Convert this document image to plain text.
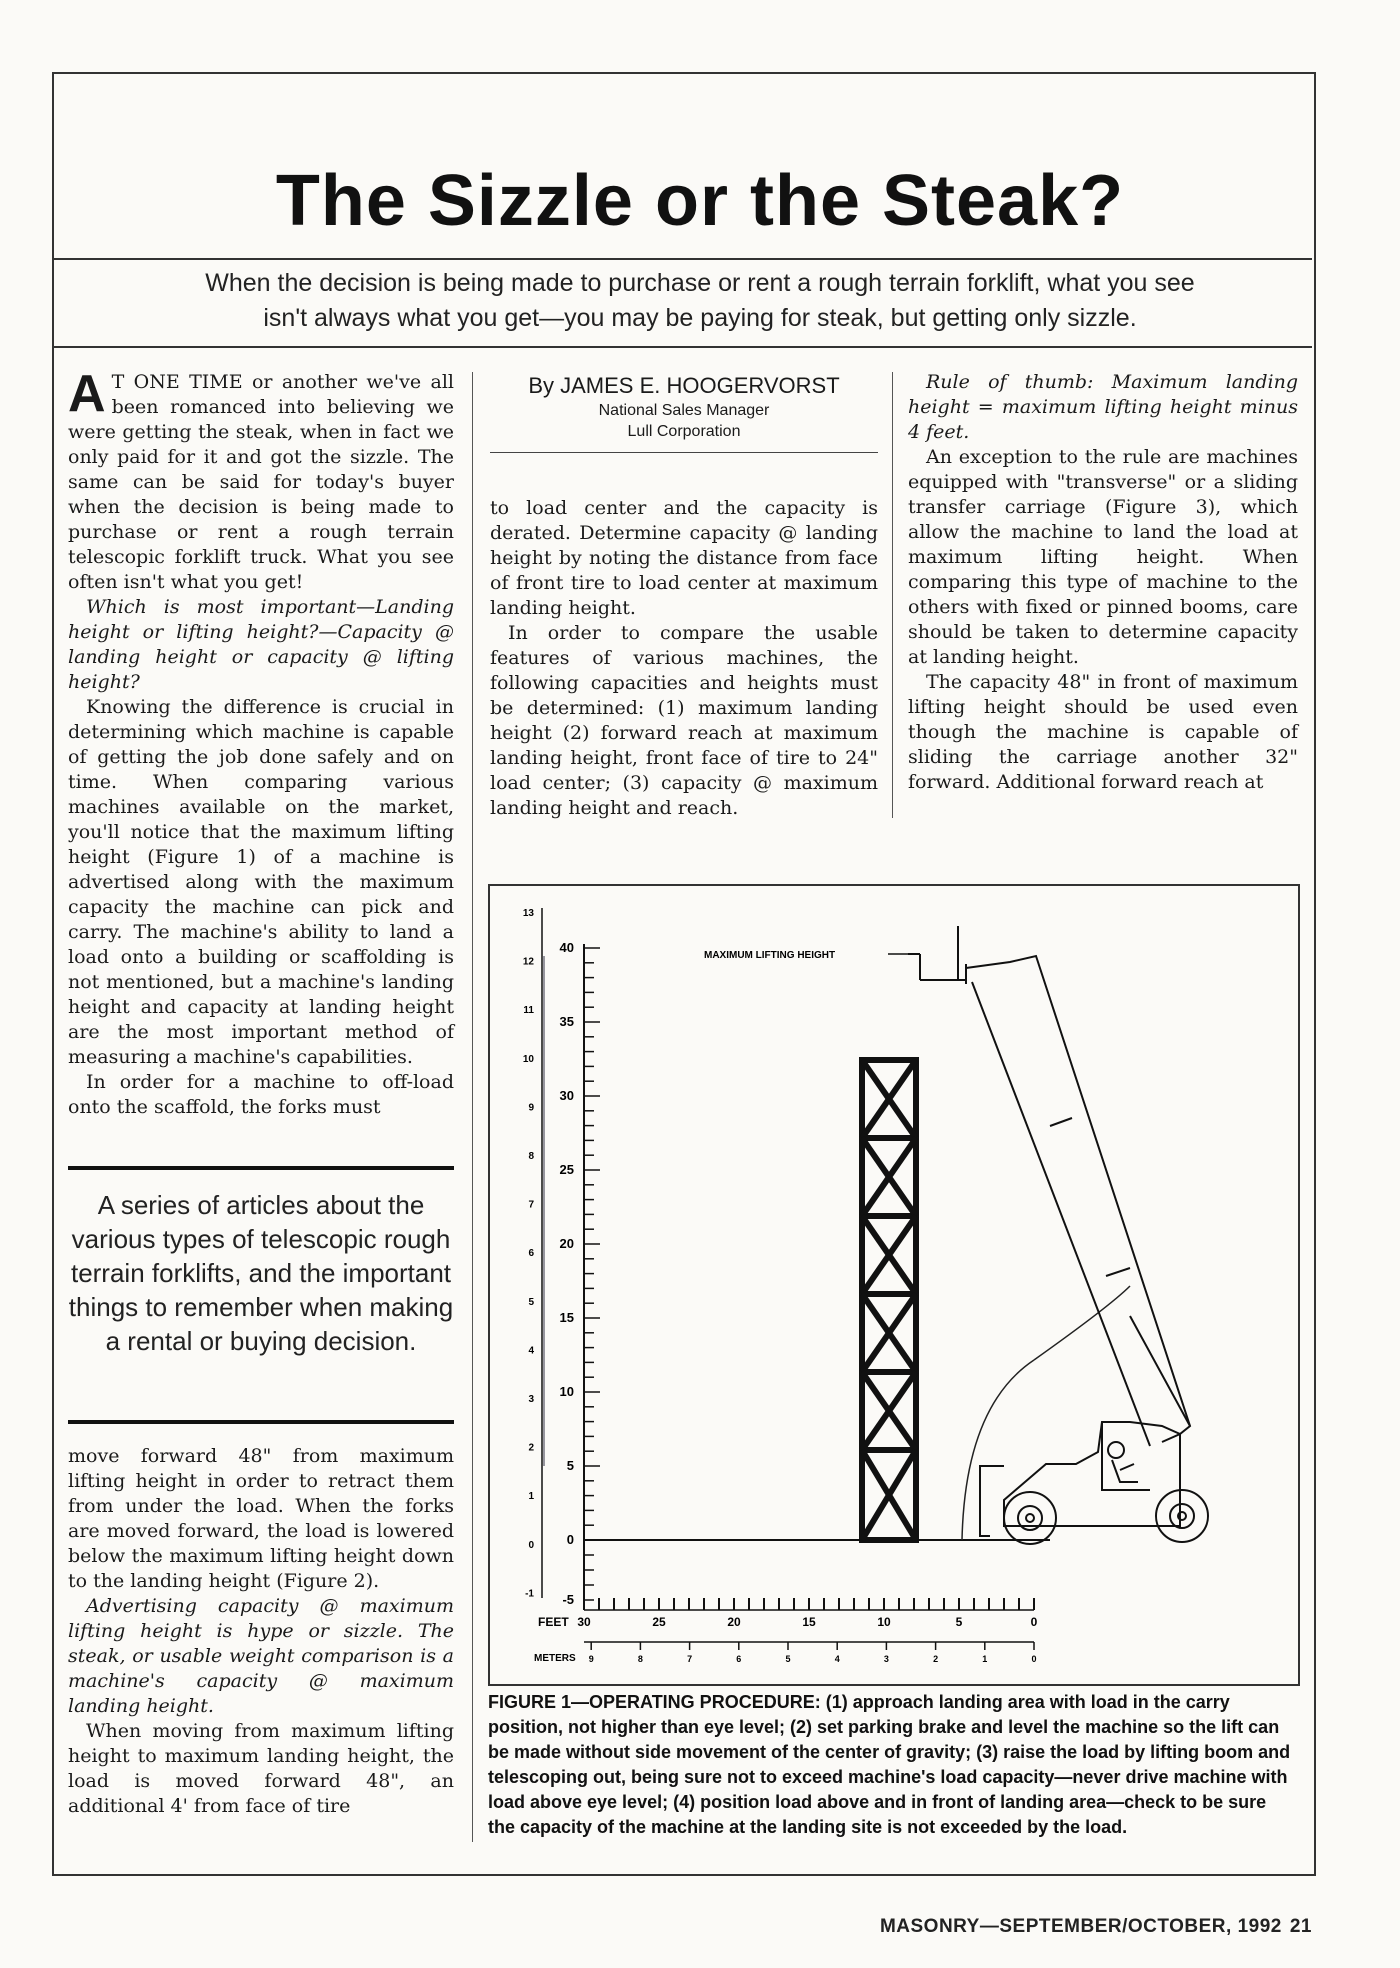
The Sizzle or the Steak?
When the decision is being made to purchase or rent a rough terrain forklift, what you see
isn't always what you get—you may be paying for steak, but getting only sizzle.

A T ONE TIME or another we've all been romanced into believing we were getting the steak, when in fact we only paid for it and got the sizzle. The same can be said for today's buyer when the decision is being made to purchase or rent a rough terrain telescopic forklift truck. What you see often isn't what you get!

Which is most important—Landing height or lifting height?—Capacity @ landing height or capacity @ lifting height?

Knowing the difference is crucial in determining which machine is capable of getting the job done safely and on time. When comparing various machines available on the market, you'll notice that the maximum lifting height (Figure 1) of a machine is advertised along with the maximum capacity the machine can pick and carry. The machine's ability to land a load onto a building or scaffolding is not mentioned, but a machine's landing height and capacity at landing height are the most important method of measuring a machine's capabilities.

In order for a machine to off-load onto the scaffold, the forks must

A series of articles about the various types of telescopic rough terrain forklifts, and the important things to remember when making a rental or buying decision.

move forward 48" from maximum lifting height in order to retract them from under the load. When the forks are moved forward, the load is lowered below the maximum lifting height down to the landing height (Figure 2).

Advertising capacity @ maximum lifting height is hype or sizzle. The steak, or usable weight comparison is a machine's capacity @ maximum landing height.

When moving from maximum lifting height to maximum landing height, the load is moved forward 48", an additional 4' from face of tire

By JAMES E. HOOGERVORST
National Sales Manager
Lull Corporation

to load center and the capacity is derated. Determine capacity @ landing height by noting the distance from face of front tire to load center at maximum landing height.

In order to compare the usable features of various machines, the following capacities and heights must be determined: (1) maximum landing height (2) forward reach at maximum landing height, front face of tire to 24" load center; (3) capacity @ maximum landing height and reach.

Rule of thumb: Maximum landing height = maximum lifting height minus 4 feet.

An exception to the rule are machines equipped with "transverse" or a sliding transfer carriage (Figure 3), which allow the machine to land the load at maximum lifting height. When comparing this type of machine to the others with fixed or pinned booms, care should be taken to determine capacity at landing height.

The capacity 48" in front of maximum lifting height should be used even though the machine is capable of sliding the carriage another 32" forward. Additional forward reach at

40
35
30
25
20
15
10
5
0
-5
13
12
11
10
9
8
7
6
5
4
3
2
1
0
-1
FEET 30	25	20	15	10	5	0
METERS 9	8	7	6	5	4	3	2	1	0
MAXIMUM LIFTING HEIGHT
FIGURE 1—OPERATING PROCEDURE: (1) approach landing area with load in the carry position, not higher than eye level; (2) set parking brake and level the machine so the lift can be made without side movement of the center of gravity; (3) raise the load by lifting boom and telescoping out, being sure not to exceed machine's load capacity—never drive machine with load above eye level; (4) position load above and in front of landing area—check to be sure the capacity of the machine at the landing site is not exceeded by the load.
MASONRY—SEPTEMBER/OCTOBER, 1992 21
